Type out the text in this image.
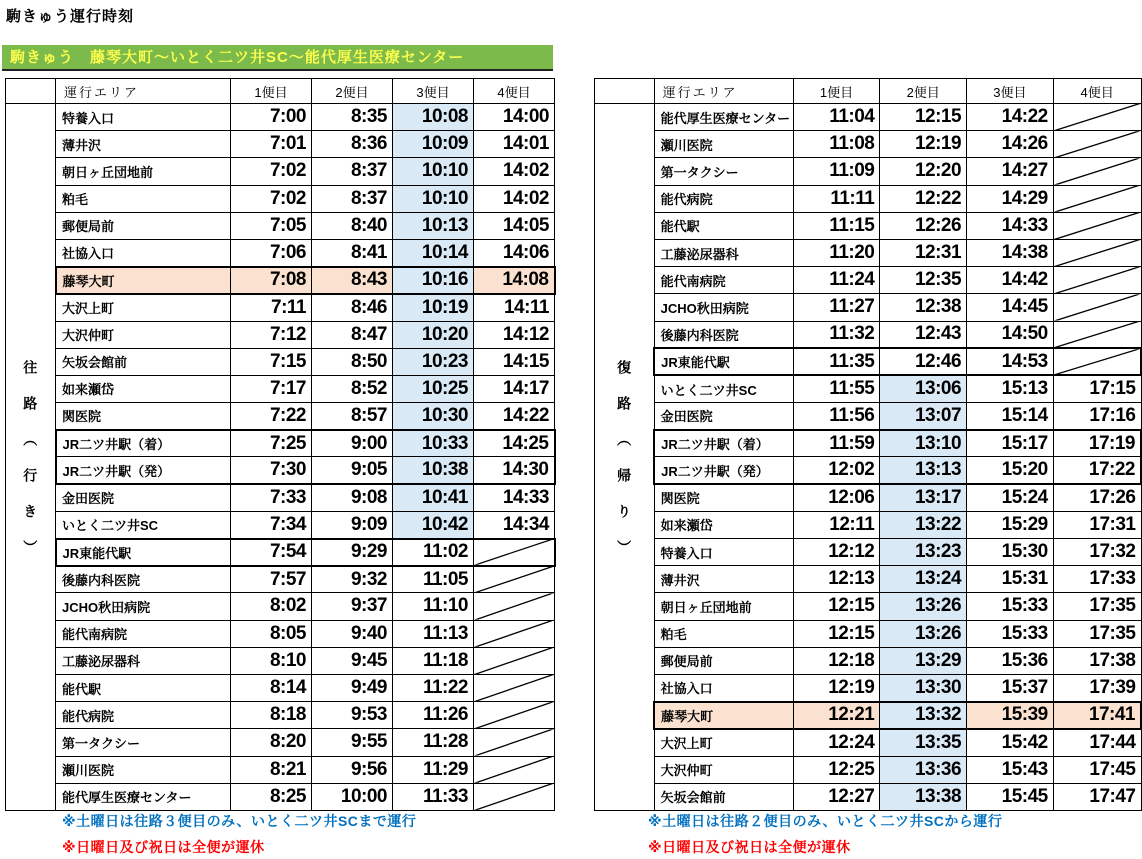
駒きゅう運行時刻
駒きゅう　藤琴大町～いとく二ツ井SC～能代厚生医療センター
	運行エリア	1便目	2便目	3便目	4便目
往路（行き）	特養入口	7:00	8:35	10:08	14:00
	薄井沢	7:01	8:36	10:09	14:01
	朝日ヶ丘団地前	7:02	8:37	10:10	14:02
	粕毛	7:02	8:37	10:10	14:02
	郵便局前	7:05	8:40	10:13	14:05
	社協入口	7:06	8:41	10:14	14:06
	藤琴大町	7:08	8:43	10:16	14:08
	大沢上町	7:11	8:46	10:19	14:11
	大沢仲町	7:12	8:47	10:20	14:12
	矢坂会館前	7:15	8:50	10:23	14:15
	如来瀬岱	7:17	8:52	10:25	14:17
	関医院	7:22	8:57	10:30	14:22
	JR二ツ井駅（着）	7:25	9:00	10:33	14:25
	JR二ツ井駅（発）	7:30	9:05	10:38	14:30
	金田医院	7:33	9:08	10:41	14:33
	いとく二ツ井SC	7:34	9:09	10:42	14:34
	JR東能代駅	7:54	9:29	11:02	

	後藤内科医院	7:57	9:32	11:05	

	JCHO秋田病院	8:02	9:37	11:10	

	能代南病院	8:05	9:40	11:13	

	工藤泌尿器科	8:10	9:45	11:18	

	能代駅	8:14	9:49	11:22	

	能代病院	8:18	9:53	11:26	

	第一タクシー	8:20	9:55	11:28	

	瀬川医院	8:21	9:56	11:29	

	能代厚生医療センター	8:25	10:00	11:33	
※土曜日は往路３便目のみ、いとく二ツ井SCまで運行
※日曜日及び祝日は全便が運休
	運行エリア	1便目	2便目	3便目	4便目
復路（帰り）	能代厚生医療センター	11:04	12:15	14:22	

	瀬川医院	11:08	12:19	14:26	

	第一タクシー	11:09	12:20	14:27	

	能代病院	11:11	12:22	14:29	

	能代駅	11:15	12:26	14:33	

	工藤泌尿器科	11:20	12:31	14:38	

	能代南病院	11:24	12:35	14:42	

	JCHO秋田病院	11:27	12:38	14:45	

	後藤内科医院	11:32	12:43	14:50	

	JR東能代駅	11:35	12:46	14:53	

	いとく二ツ井SC	11:55	13:06	15:13	17:15
	金田医院	11:56	13:07	15:14	17:16
	JR二ツ井駅（着）	11:59	13:10	15:17	17:19
	JR二ツ井駅（発）	12:02	13:13	15:20	17:22
	関医院	12:06	13:17	15:24	17:26
	如来瀬岱	12:11	13:22	15:29	17:31
	特養入口	12:12	13:23	15:30	17:32
	薄井沢	12:13	13:24	15:31	17:33
	朝日ヶ丘団地前	12:15	13:26	15:33	17:35
	粕毛	12:15	13:26	15:33	17:35
	郵便局前	12:18	13:29	15:36	17:38
	社協入口	12:19	13:30	15:37	17:39
	藤琴大町	12:21	13:32	15:39	17:41
	大沢上町	12:24	13:35	15:42	17:44
	大沢仲町	12:25	13:36	15:43	17:45
	矢坂会館前	12:27	13:38	15:45	17:47
※土曜日は往路２便目のみ、いとく二ツ井SCから運行
※日曜日及び祝日は全便が運休
